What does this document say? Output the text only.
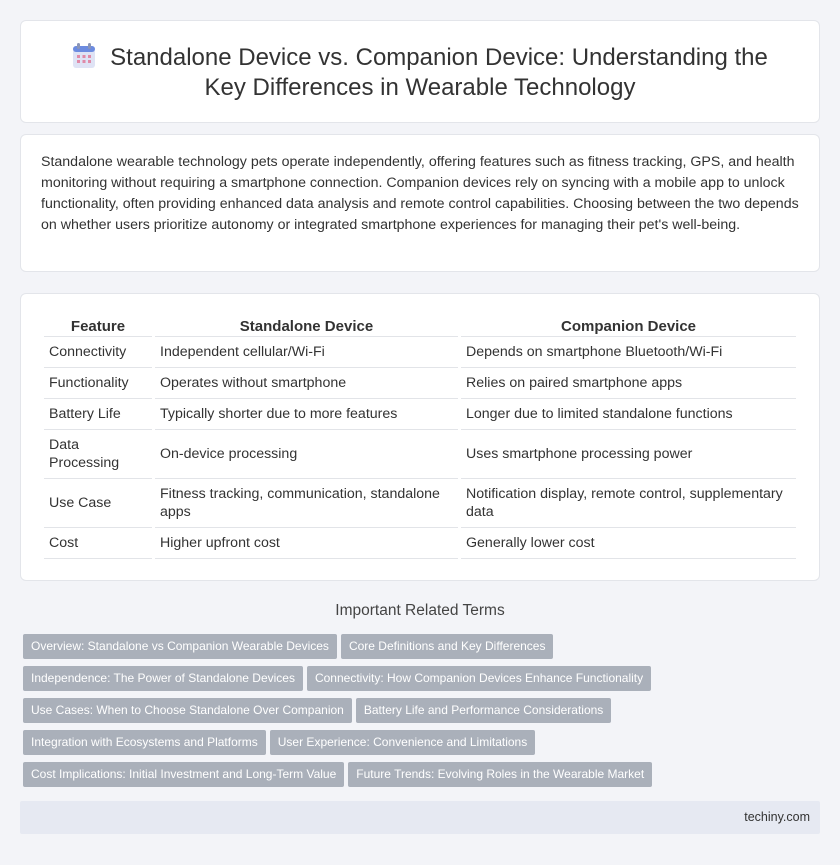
Standalone Device vs. Companion Device: Understanding the Key Differences in Wearable Technology

Standalone wearable technology pets operate independently, offering features such as fitness tracking, GPS, and health monitoring without requiring a smartphone connection. Companion devices rely on syncing with a mobile app to unlock functionality, often providing enhanced data analysis and remote control capabilities. Choosing between the two depends on whether users prioritize autonomy or integrated smartphone experiences for managing their pet's well-being.

Feature	Standalone Device	Companion Device
Connectivity	Independent cellular/Wi-Fi	Depends on smartphone Bluetooth/Wi-Fi
Functionality	Operates without smartphone	Relies on paired smartphone apps
Battery Life	Typically shorter due to more features	Longer due to limited standalone functions
Data Processing	On-device processing	Uses smartphone processing power
Use Case	Fitness tracking, communication, standalone apps	Notification display, remote control, supplementary data
Cost	Higher upfront cost	Generally lower cost
Important Related Terms
Overview: Standalone vs Companion Wearable Devices Core Definitions and Key Differences
Independence: The Power of Standalone Devices Connectivity: How Companion Devices Enhance Functionality
Use Cases: When to Choose Standalone Over Companion Battery Life and Performance Considerations
Integration with Ecosystems and Platforms User Experience: Convenience and Limitations
Cost Implications: Initial Investment and Long-Term Value Future Trends: Evolving Roles in the Wearable Market
techiny.com
